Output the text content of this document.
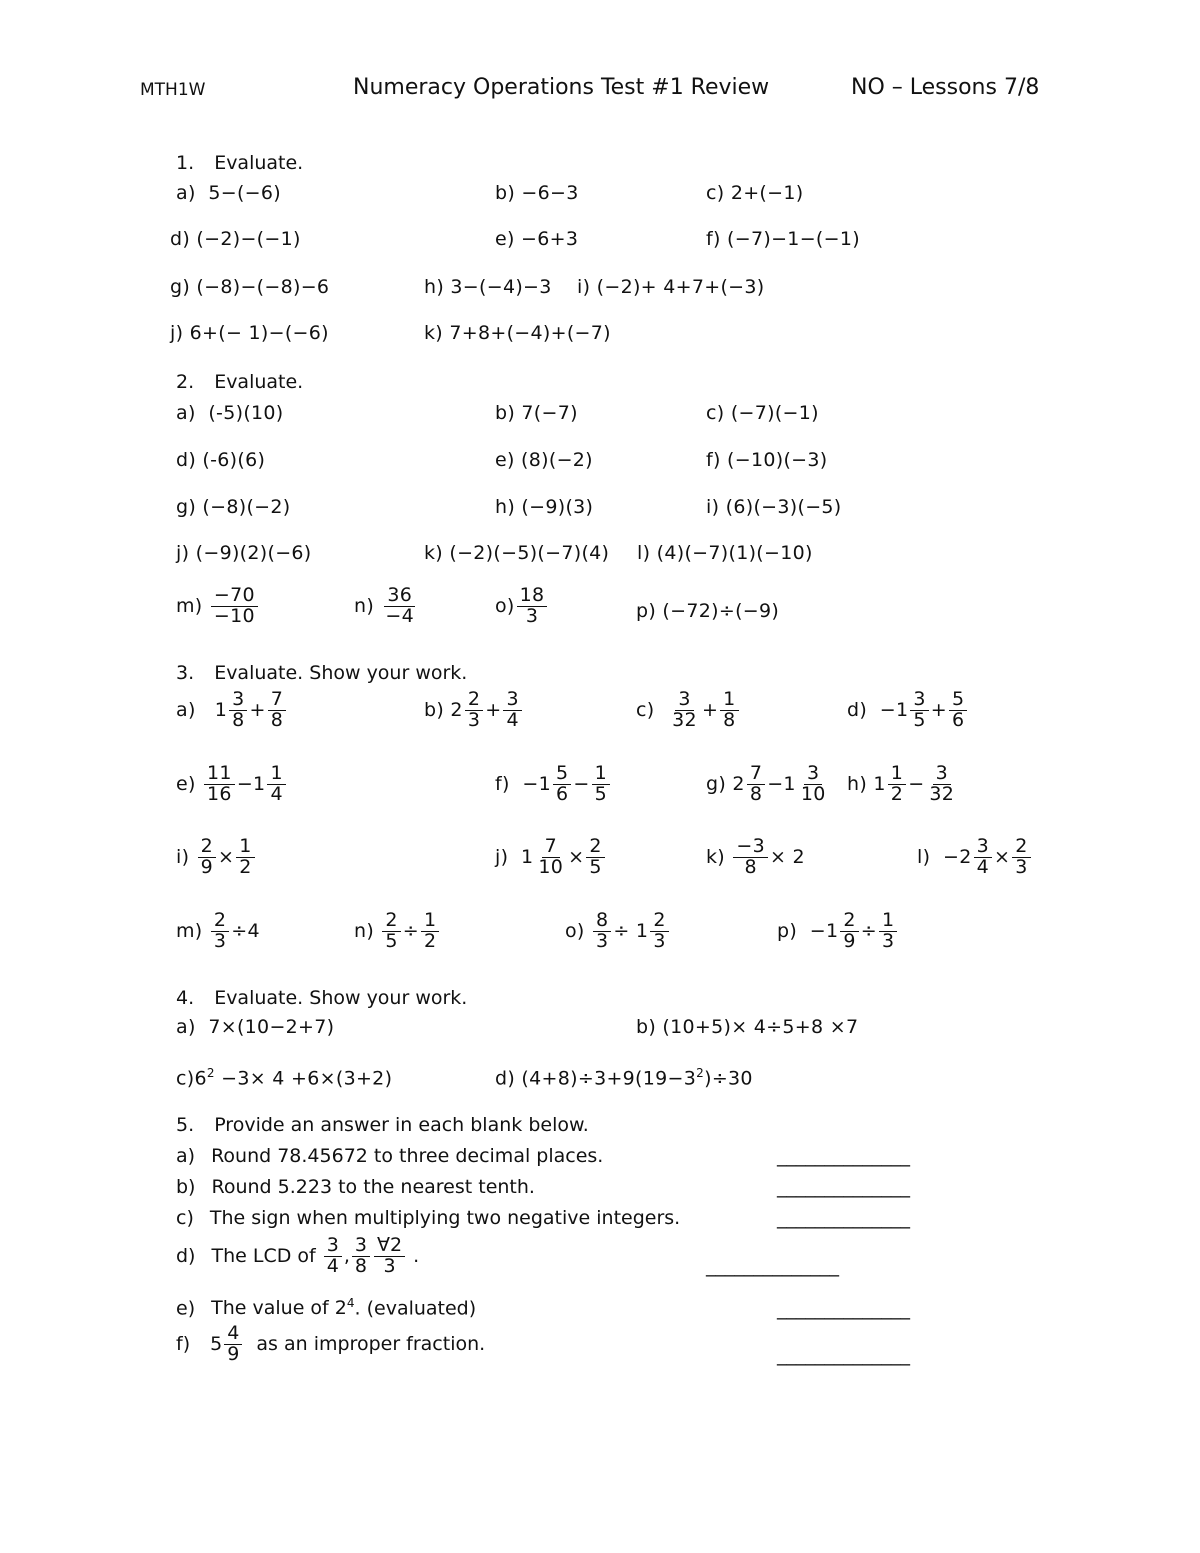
MTH1W	Numeracy Operations Test #1 Review	NO – Lessons 7/8
1. Evaluate.
a) 5−(−6)	b) −6−3	c) 2+(−1)
d) (−2)−(−1)	e) −6+3	f) (−7)−1−(−1)
g) (−8)−(−8)−6	h) 3−(−4)−3 i) (−2)+ 4+7+(−3)
j) 6+(− 1)−(−6)	k) 7+8+(−4)+(−7)
2. Evaluate.
a) (-5)(10)	b) 7(−7)	c) (−7)(−1)
d) (-6)(6)	e) (8)(−2)	f) (−10)(−3)
g) (−8)(−2)	h) (−9)(3)	i) (6)(−3)(−5)
j) (−9)(2)(−6)	k) (−2)(−5)(−7)(4) l) (4)(−7)(1)(−10)
$m) \frac{-70}{-10}$	$n) \frac{36}{-4}$	$o) \frac{18}{3}$	p) (−72)÷(−9)
3. Evaluate. Show your work.
a) $1 \frac{3}{8} + \frac{7}{8}$	b) $2 \frac{2}{3} + \frac{3}{4}$	$c) \frac{3}{32} + \frac{1}{8}$	$d) -1 \frac{3}{5} + \frac{5}{6}$
$e) \frac{11}{16} -1 \frac{1}{4}$	$f) -1 \frac{5}{6} - \frac{1}{5}$	g) $2 \frac{7}{8} -1 \frac{3}{10} h$) $1 \frac{1}{2} - \frac{3}{32}$
$i) \frac{2}{9} \times \frac{1}{2}$	j) $1 \frac{7}{10} \times \frac{2}{5}$	$k) \frac{-3}{8} \times 2$	$l) -2 \frac{3}{4} \times \frac{2}{3}$
$m) \frac{2}{3} \div 4$	$n) \frac{2}{5} \div \frac{1}{2}$	$o) \frac{8}{3} \div 1 \frac{2}{3}$	$p) -1 \frac{2}{9} \div \frac{1}{3}$
4. Evaluate. Show your work.
a) 7×(10−2+7)	b) (10+5)× 4÷5+8 ×7
$c)6^2 -3\times 4 +6\times(3+2)$	d) $(4+8)\div 3+9(19-3^2)\div 30$
5. Provide an answer in each blank below.
a) Round 78.45672 to three decimal places.	______________
b) Round 5.223 to the nearest tenth.	______________
c) The sign when multiplying two negative integers.	______________
d) The LCD of $\frac{3}{4}$ , $\frac{3}{8} \frac{\forall 2}{3}$ .	______________
e) The value of $2^4$. (evaluated)	______________
f) $5 \frac{4}{9}$ as an improper fraction.
______________
